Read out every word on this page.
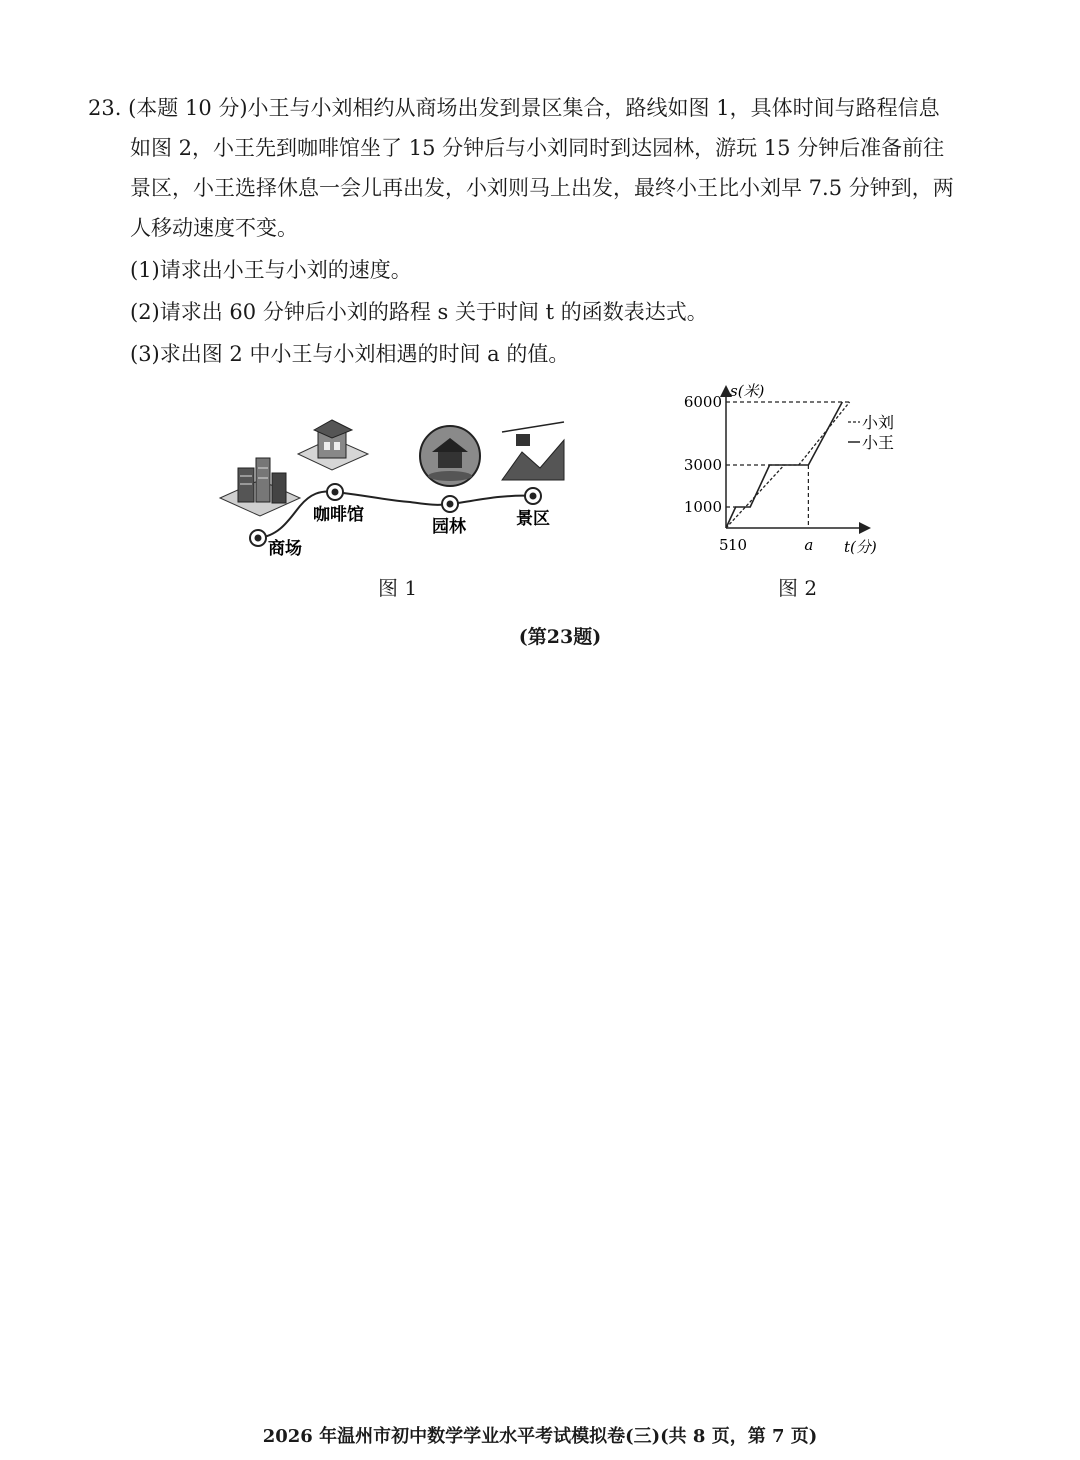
23. (本题 10 分)小王与小刘相约从商场出发到景区集合，路线如图 1，具体时间与路程信息
如图 2，小王先到咖啡馆坐了 15 分钟后与小刘同时到达园林，游玩 15 分钟后准备前往
景区，小王选择休息一会儿再出发，小刘则马上出发，最终小王比小刘早 7.5 分钟到，两
人移动速度不变。
(1)请求出小王与小刘的速度。
(2)请求出 60 分钟后小刘的路程 s 关于时间 t 的函数表达式。
(3)求出图 2 中小王与小刘相遇的时间 a 的值。
商场
咖啡馆
园林	景区
图 1
s(米)
t(分)
6000
3000
1000
5 10	a
小刘
小王
图 2
(第23题)
2026 年温州市初中数学学业水平考试模拟卷(三)(共 8 页，第 7 页)
